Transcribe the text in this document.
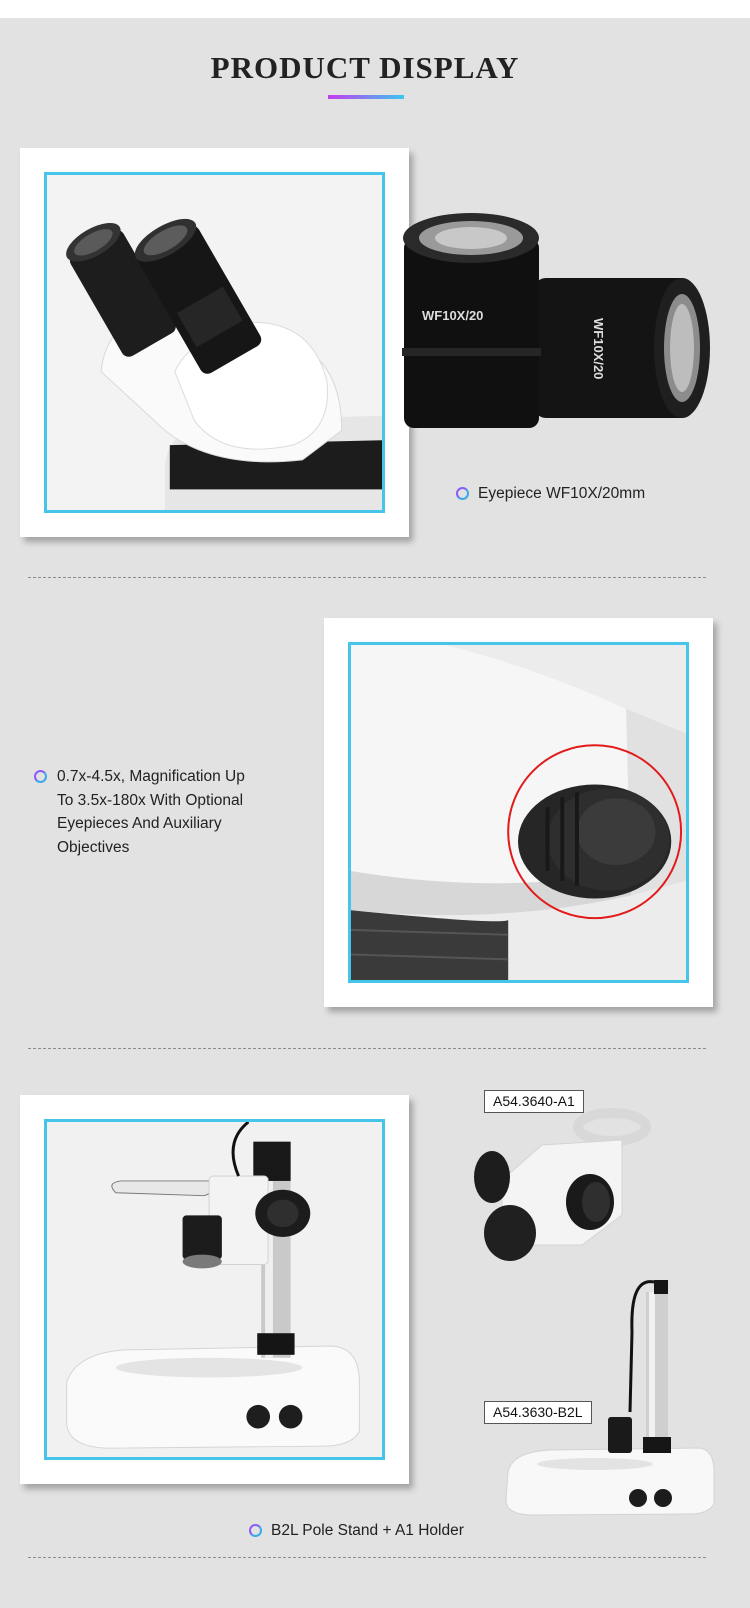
PRODUCT DISPLAY
WF10X/20
WF10X/20
Eyepiece WF10X/20mm
0.7x-4.5x, Magnification Up
To 3.5x-180x With Optional
Eyepieces And Auxiliary
Objectives
A54.3640-A1
A54.3630-B2L
B2L Pole Stand + A1 Holder
